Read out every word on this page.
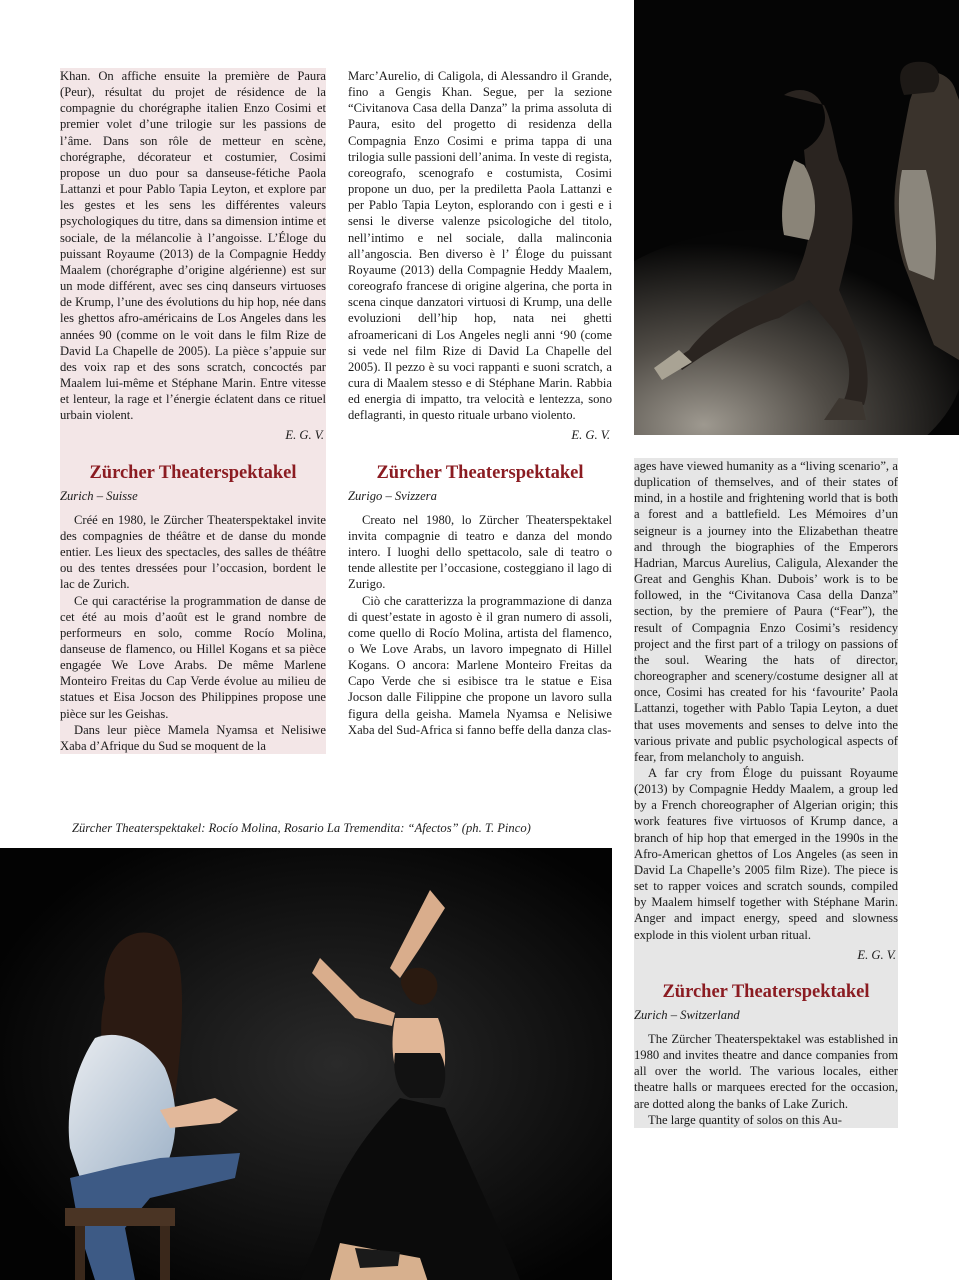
Khan. On affiche ensuite la première de Paura (Peur), résultat du projet de résidence de la compagnie du chorégraphe italien Enzo Cosimi et premier volet d’une trilogie sur les passions de l’âme. Dans son rôle de metteur en scène, chorégraphe, décorateur et costumier, Cosimi propose un duo pour sa danseuse-fétiche Paola Lattanzi et pour Pablo Tapia Leyton, et explore par les gestes et les sens les différentes valeurs psychologiques du titre, dans sa dimension intime et sociale, de la mélancolie à l’angoisse. L’Éloge du puissant Royaume (2013) de la Compagnie Heddy Maalem (chorégraphe d’origine algérienne) est sur un mode différent, avec ses cinq danseurs virtuoses de Krump, l’une des évolutions du hip hop, née dans les ghettos afro-américains de Los Angeles dans les années 90 (comme on le voit dans le film Rize de David La Chapelle de 2005). La pièce s’appuie sur des voix rap et des sons scratch, concoctés par Maalem lui-même et Stéphane Marin. Entre vitesse et lenteur, la rage et l’énergie éclatent dans ce rituel urbain violent.

E. G. V.
Zürcher Theaterspektakel
Zurich – Suisse

Créé en 1980, le Zürcher Theaterspektakel invite des compagnies de théâtre et de danse du monde entier. Les lieux des spectacles, des salles de théâtre ou des tentes dressées pour l’occasion, bordent le lac de Zurich.

Ce qui caractérise la programmation de danse de cet été au mois d’août est le grand nombre de performeurs en solo, comme Rocío Molina, danseuse de flamenco, ou Hillel Kogans et sa pièce engagée We Love Arabs. De même Marlene Monteiro Freitas du Cap Verde évolue au milieu de statues et Eisa Jocson des Philippines propose une pièce sur les Geishas.

Dans leur pièce Mamela Nyamsa et Nelisiwe Xaba d’Afrique du Sud se moquent de la

Marc’Aurelio, di Caligola, di Alessandro il Grande, fino a Gengis Khan. Segue, per la sezione “Civitanova Casa della Danza” la prima assoluta di Paura, esito del progetto di residenza della Compagnia Enzo Cosimi e prima tappa di una trilogia sulle passioni dell’anima. In veste di regista, coreografo, scenografo e costumista, Cosimi propone un duo, per la prediletta Paola Lattanzi e per Pablo Tapia Leyton, esplorando con i gesti e i sensi le diverse valenze psicologiche del titolo, nell’intimo e nel sociale, dalla malinconia all’angoscia. Ben diverso è l’ Éloge du puissant Royaume (2013) della Compagnie Heddy Maalem, coreografo francese di origine algerina, che porta in scena cinque danzatori virtuosi di Krump, una delle evoluzioni dell’hip hop, nata nei ghetti afroamericani di Los Angeles negli anni ‘90 (come si vede nel film Rize di David La Chapelle del 2005). Il pezzo è su voci rappanti e suoni scratch, a cura di Maalem stesso e di Stéphane Marin. Rabbia ed energia di impatto, tra velocità e lentezza, sono deflagranti, in questo rituale urbano violento.

E. G. V.
Zürcher Theaterspektakel
Zurigo – Svizzera

Creato nel 1980, lo Zürcher Theaterspektakel invita compagnie di teatro e danza del mondo intero. I luoghi dello spettacolo, sale di teatro o tende allestite per l’occasione, costeggiano il lago di Zurigo.

Ciò che caratterizza la programmazione di danza di quest’estate in agosto è il gran numero di assoli, come quello di Rocío Molina, artista del flamenco, o We Love Arabs, un lavoro impegnato di Hillel Kogans. O ancora: Marlene Monteiro Freitas da Capo Verde che si esibisce tra le statue e Eisa Jocson dalle Filippine che propone un lavoro sulla figura della geisha. Mamela Nyamsa e Nelisiwe Xaba del Sud-Africa si fanno beffe della danza clas-

ages have viewed humanity as a “living scenario”, a duplication of themselves, and of their states of mind, in a hostile and frightening world that is both a forest and a battlefield. Les Mémoires d’un seigneur is a journey into the Elizabethan theatre and through the biographies of the Emperors Hadrian, Marcus Aurelius, Caligula, Alexander the Great and Genghis Khan. Dubois’ work is to be followed, in the “Civitanova Casa della Danza” section, by the premiere of Paura (“Fear”), the result of Compagnia Enzo Cosimi’s residency project and the first part of a trilogy on passions of the soul. Wearing the hats of director, choreographer and scenery/costume designer all at once, Cosimi has created for his ‘favourite’ Paola Lattanzi, together with Pablo Tapia Leyton, a duet that uses movements and senses to delve into the various private and public psychological aspects of fear, from melancholy to anguish.

A far cry from Éloge du puissant Royaume (2013) by Compagnie Heddy Maalem, a group led by a French choreographer of Algerian origin; this work features five virtuosos of Krump dance, a branch of hip hop that emerged in the 1990s in the Afro-American ghettos of Los Angeles (as seen in David La Chapelle’s 2005 film Rize). The piece is set to rapper voices and scratch sounds, compiled by Maalem himself together with Stéphane Marin. Anger and impact energy, speed and slowness explode in this violent urban ritual.

E. G. V.
Zürcher Theaterspektakel
Zurich – Switzerland

The Zürcher Theaterspektakel was established in 1980 and invites theatre and dance companies from all over the world. The various locales, either theatre halls or marquees erected for the occasion, are dotted along the banks of Lake Zurich.

The large quantity of solos on this Au-

Zürcher Theaterspektakel: Rocío Molina, Rosario La Tremendita: “Afectos” (ph. T. Pinco)
